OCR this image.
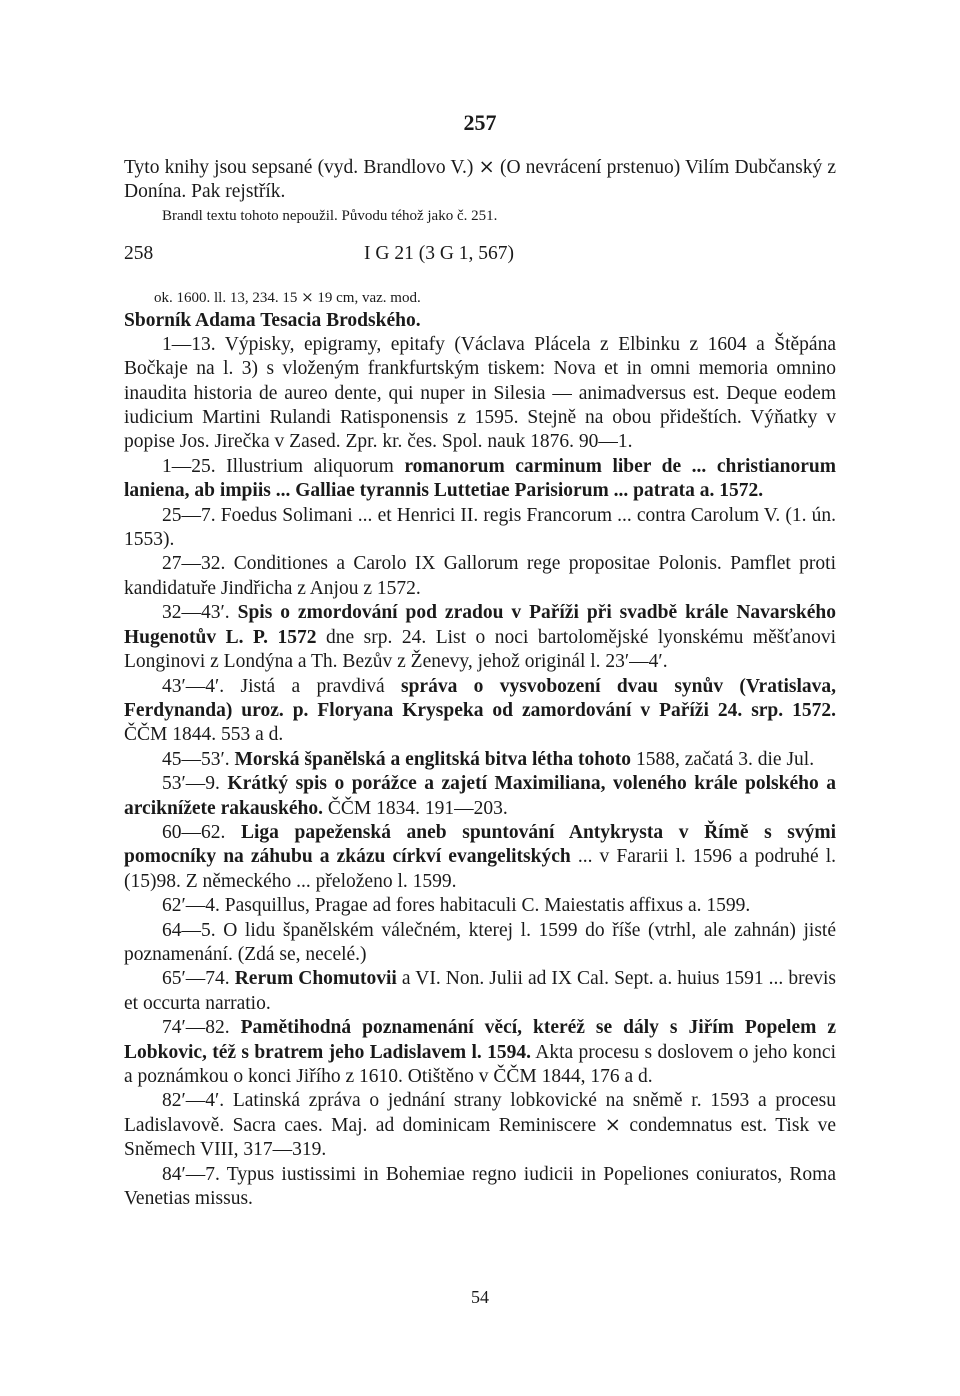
257

Tyto knihy jsou sepsané (vyd. Brandlovo V.) ⨯ (O nevrácení prstenuo) Vilím Dubčanský z Donína. Pak rejstřík.

Brandl textu tohoto nepoužil. Původu téhož jako č. 251.

258	I G 21 (3 G 1, 567)

ok. 1600. ll. 13, 234. 15 ⨯ 19 cm, vaz. mod.

Sborník Adama Tesacia Brodského.

1—13. Výpisky, epigramy, epitafy (Václava Plácela z Elbinku z 1604 a Štěpána Bočkaje na l. 3) s vloženým frankfurtským tiskem: Nova et in omni memoria omnino inaudita historia de aureo dente, qui nuper in Silesia — animadversus est. Deque eodem iudicium Martini Rulandi Ratisponensis z 1595. Stejně na obou přideštích. Výňatky v popise Jos. Jirečka v Zased. Zpr. kr. čes. Spol. nauk 1876. 90—1.

1—25. Illustrium aliquorum romanorum carminum liber de ... christianorum laniena, ab impiis ... Galliae tyrannis Luttetiae Parisiorum ... patrata a. 1572.

25—7. Foedus Solimani ... et Henrici II. regis Francorum ... contra Carolum V. (1. ún. 1553).

27—32. Conditiones a Carolo IX Gallorum rege propositae Polonis. Pamflet proti kandidatuře Jindřicha z Anjou z 1572.

32—43′. Spis o zmordování pod zradou v Paříži při svadbě krále Navarského Hugenotův L. P. 1572 dne srp. 24. List o noci bartolomějské lyonskému měšťanovi Longinovi z Londýna a Th. Bezův z Ženevy, jehož originál l. 23′—4′.

43′—4′. Jistá a pravdivá správa o vysvobození dvau synův (Vratislava, Ferdynanda) uroz. p. Floryana Kryspeka od zamordování v Paříži 24. srp. 1572. ČČM 1844. 553 a d.

45—53′. Morská španělská a englitská bitva létha tohoto 1588, začatá 3. die Jul.

53′—9. Krátký spis o porážce a zajetí Maximiliana, voleného krále polského a arciknížete rakauského. ČČM 1834. 191—203.

60—62. Liga papeženská aneb spuntování Antykrysta v Římě s svými pomocníky na záhubu a zkázu církví evangelitských ... v Fararii l. 1596 a podruhé l. (15)98. Z německého ... přeloženo l. 1599.

62′—4. Pasquillus, Pragae ad fores habitaculi C. Maiestatis affixus a. 1599.

64—5. O lidu španělském válečném, kterej l. 1599 do říše (vtrhl, ale zahnán) jisté poznamenání. (Zdá se, necelé.)

65′—74. Rerum Chomutovii a VI. Non. Julii ad IX Cal. Sept. a. huius 1591 ... brevis et occurta narratio.

74′—82. Pamětihodná poznamenání věcí, kteréž se dály s Jiřím Popelem z Lobkovic, též s bratrem jeho Ladislavem l. 1594. Akta procesu s doslovem o jeho konci a poznámkou o konci Jiřího z 1610. Otištěno v ČČM 1844, 176 a d.

82′—4′. Latinská zpráva o jednání strany lobkovické na sněmě r. 1593 a procesu Ladislavově. Sacra caes. Maj. ad dominicam Reminiscere ⨯ condemnatus est. Tisk ve Sněmech VIII, 317—319.

84′—7. Typus iustissimi in Bohemiae regno iudicii in Popeliones coniuratos, Roma Venetias missus.

54
